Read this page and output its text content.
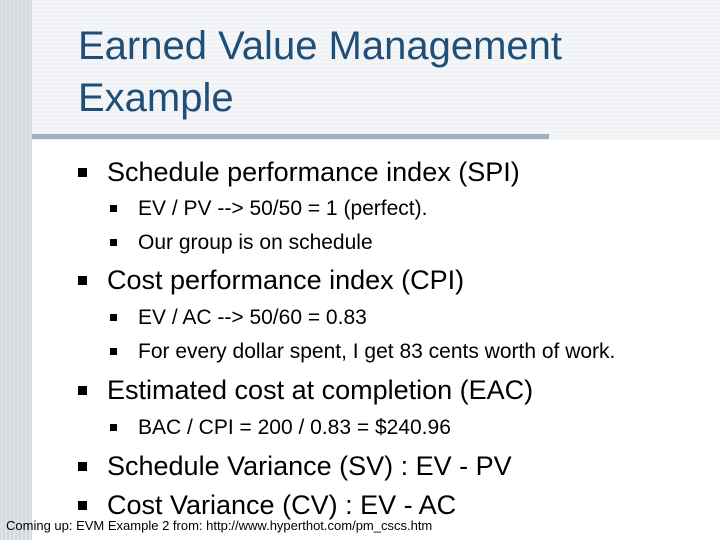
Earned Value Management
Example
Schedule performance index (SPI)
EV / PV --> 50/50 = 1 (perfect).
Our group is on schedule
Cost performance index (CPI)
EV / AC --> 50/60 = 0.83
For every dollar spent, I get 83 cents worth of work.
Estimated cost at completion (EAC)
BAC / CPI = 200 / 0.83 = $240.96
Schedule Variance (SV) : EV - PV
Cost Variance (CV) : EV - AC
Coming up: EVM Example 2 from: http://www.hyperthot.com/pm_cscs.htm
